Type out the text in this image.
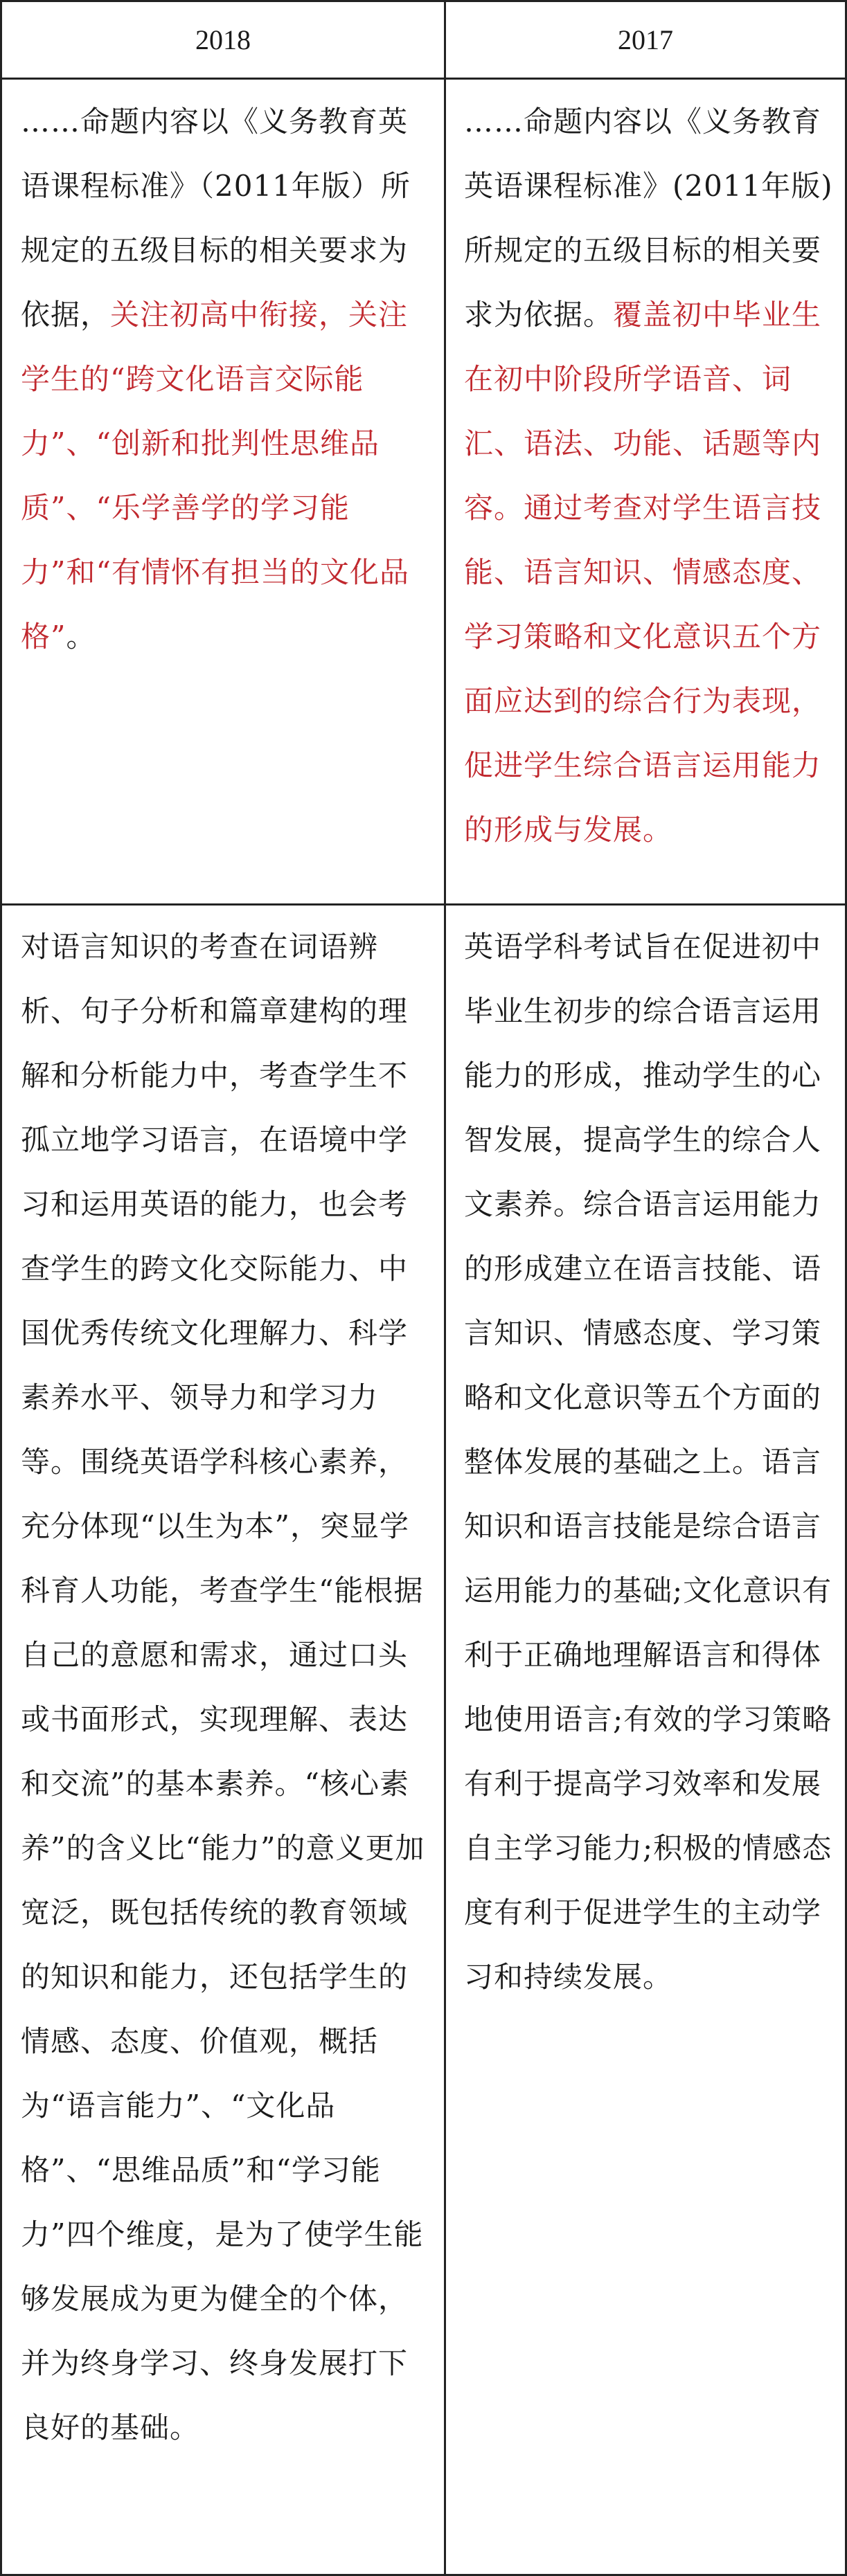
2018	2017
……命题内容以《义务教育英语课程标准》（2011年版）所规定的五级目标的相关要求为依据，关注初高中衔接，关注学生的“跨文化语言交际能力”、“创新和批判性思维品质”、“乐学善学的学习能力”和“有情怀有担当的文化品格”。
……命题内容以《义务教育英语课程标准》(2011年版)所规定的五级目标的相关要求为依据。覆盖初中毕业生在初中阶段所学语音、词汇、语法、功能、话题等内容。通过考查对学生语言技能、语言知识、情感态度、学习策略和文化意识五个方面应达到的综合行为表现，促进学生综合语言运用能力的形成与发展。
对语言知识的考查在词语辨析、句子分析和篇章建构的理解和分析能力中，考查学生不孤立地学习语言，在语境中学习和运用英语的能力，也会考查学生的跨文化交际能力、中国优秀传统文化理解力、科学素养水平、领导力和学习力等。围绕英语学科核心素养，充分体现“以生为本”，突显学科育人功能，考查学生“能根据自己的意愿和需求，通过口头或书面形式，实现理解、表达和交流”的基本素养。“核心素养”的含义比“能力”的意义更加宽泛，既包括传统的教育领域的知识和能力，还包括学生的情感、态度、价值观，概括为“语言能力”、“文化品格”、“思维品质”和“学习能力”四个维度，是为了使学生能够发展成为更为健全的个体，并为终身学习、终身发展打下良好的基础。
英语学科考试旨在促进初中毕业生初步的综合语言运用能力的形成，推动学生的心智发展，提高学生的综合人文素养。综合语言运用能力的形成建立在语言技能、语言知识、情感态度、学习策略和文化意识等五个方面的整体发展的基础之上。语言知识和语言技能是综合语言运用能力的基础;文化意识有利于正确地理解语言和得体地使用语言;有效的学习策略有利于提高学习效率和发展自主学习能力;积极的情感态度有利于促进学生的主动学习和持续发展。
